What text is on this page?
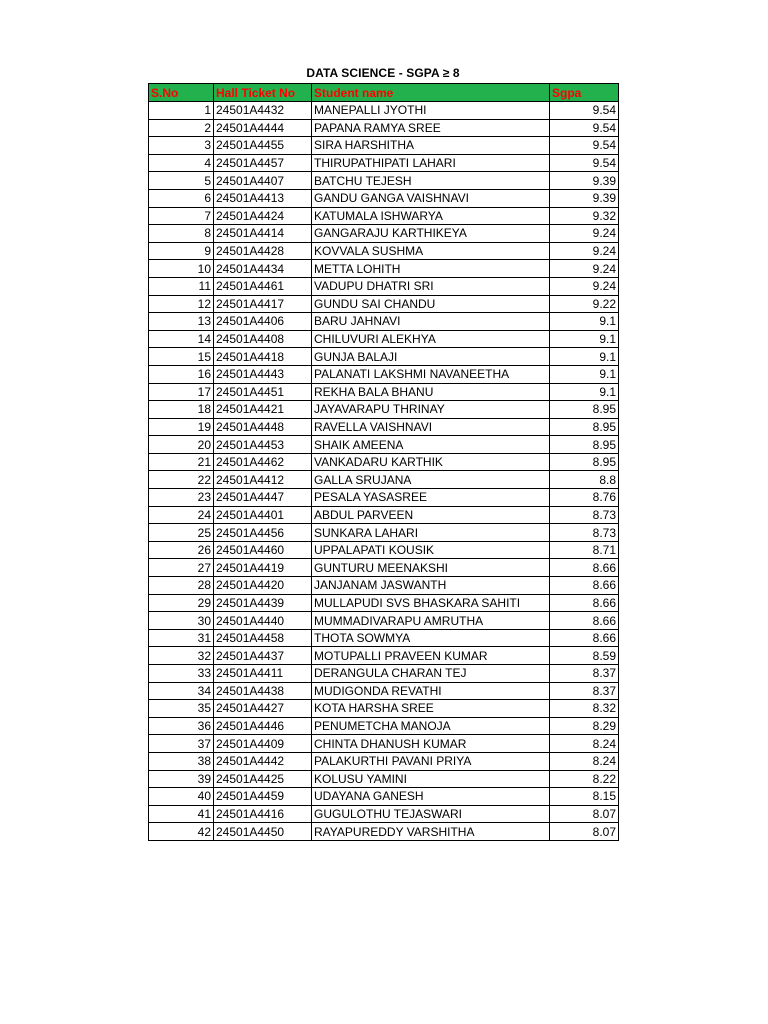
DATA SCIENCE - SGPA ≥ 8
S.No	Hall Ticket No	Student name	Sgpa
1	24501A4432	MANEPALLI JYOTHI	9.54
2	24501A4444	PAPANA RAMYA SREE	9.54
3	24501A4455	SIRA HARSHITHA	9.54
4	24501A4457	THIRUPATHIPATI LAHARI	9.54
5	24501A4407	BATCHU TEJESH	9.39
6	24501A4413	GANDU GANGA VAISHNAVI	9.39
7	24501A4424	KATUMALA ISHWARYA	9.32
8	24501A4414	GANGARAJU KARTHIKEYA	9.24
9	24501A4428	KOVVALA SUSHMA	9.24
10	24501A4434	METTA LOHITH	9.24
11	24501A4461	VADUPU DHATRI SRI	9.24
12	24501A4417	GUNDU SAI CHANDU	9.22
13	24501A4406	BARU JAHNAVI	9.1
14	24501A4408	CHILUVURI ALEKHYA	9.1
15	24501A4418	GUNJA BALAJI	9.1
16	24501A4443	PALANATI LAKSHMI NAVANEETHA	9.1
17	24501A4451	REKHA BALA BHANU	9.1
18	24501A4421	JAYAVARAPU THRINAY	8.95
19	24501A4448	RAVELLA VAISHNAVI	8.95
20	24501A4453	SHAIK AMEENA	8.95
21	24501A4462	VANKADARU KARTHIK	8.95
22	24501A4412	GALLA SRUJANA	8.8
23	24501A4447	PESALA YASASREE	8.76
24	24501A4401	ABDUL PARVEEN	8.73
25	24501A4456	SUNKARA LAHARI	8.73
26	24501A4460	UPPALAPATI KOUSIK	8.71
27	24501A4419	GUNTURU MEENAKSHI	8.66
28	24501A4420	JANJANAM JASWANTH	8.66
29	24501A4439	MULLAPUDI SVS BHASKARA SAHITI	8.66
30	24501A4440	MUMMADIVARAPU AMRUTHA	8.66
31	24501A4458	THOTA SOWMYA	8.66
32	24501A4437	MOTUPALLI PRAVEEN KUMAR	8.59
33	24501A4411	DERANGULA CHARAN TEJ	8.37
34	24501A4438	MUDIGONDA REVATHI	8.37
35	24501A4427	KOTA HARSHA SREE	8.32
36	24501A4446	PENUMETCHA MANOJA	8.29
37	24501A4409	CHINTA DHANUSH KUMAR	8.24
38	24501A4442	PALAKURTHI PAVANI PRIYA	8.24
39	24501A4425	KOLUSU YAMINI	8.22
40	24501A4459	UDAYANA GANESH	8.15
41	24501A4416	GUGULOTHU TEJASWARI	8.07
42	24501A4450	RAYAPUREDDY VARSHITHA	8.07
